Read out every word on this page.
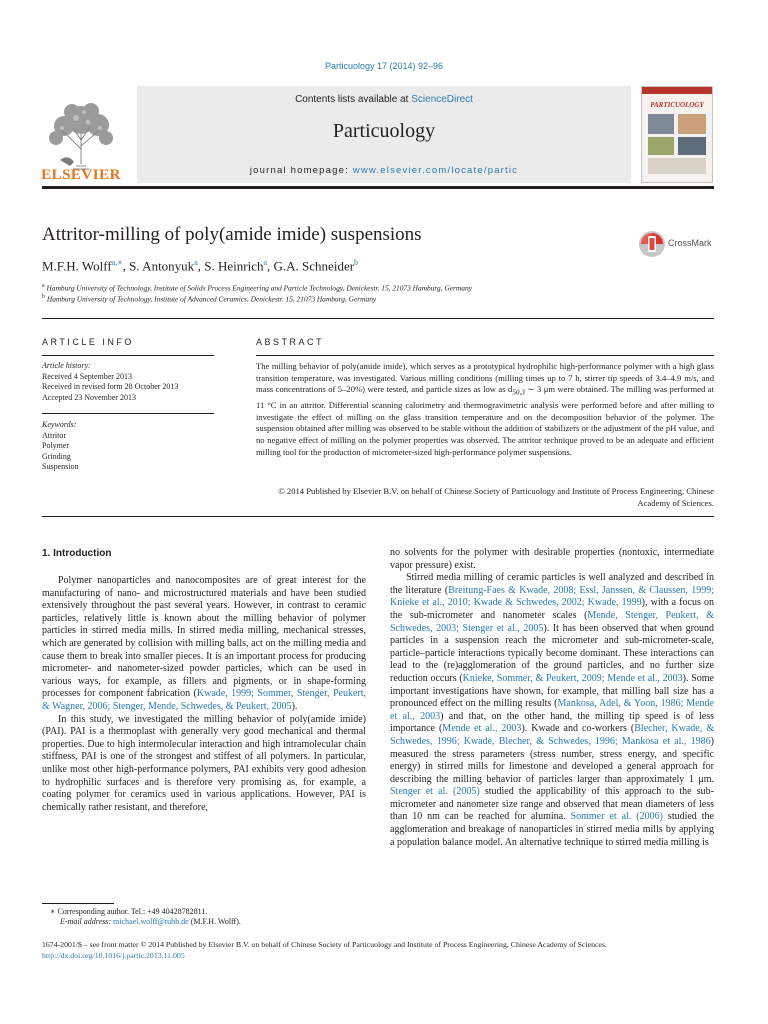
Particuology 17 (2014) 92–96
ELSEVIER
Contents lists available at ScienceDirect
Particuology
journal homepage: www.elsevier.com/locate/partic
PARTICUOLOGY
Attritor-milling of poly(amide imide) suspensions	CrossMark
M.F.H. Wolff$^{a,∗}$, S. Antonyuk$^a$, S. Heinrich$^a$, G.A. Schneider$^b$
$^a$ Hamburg University of Technology, Institute of Solids Process Engineering and Particle Technology, Denickestr. 15, 21073 Hamburg, Germany
$^b$ Hamburg University of Technology, Institute of Advanced Ceramics, Denickestr. 15, 21073 Hamburg, Germany
ARTICLE INFO	ABSTRACT
Article history:
Received 4 September 2013
Received in revised form 28 October 2013
Accepted 23 November 2013
Keywords:
Attritor
Polymer
Grinding
Suspension
The milling behavior of poly(amide imide), which serves as a prototypical hydrophilic high-performance polymer with a high glass transition temperature, was investigated. Various milling conditions (milling times up to 7 h, stirrer tip speeds of 3.4–4.9 m/s, and mass concentrations of 5–20%) were tested, and particle sizes as low as $d_{50,3}$ ∼ 3 μm were obtained. The milling was performed at 11 °C in an attritor. Differential scanning calorimetry and thermogravimetric analysis were performed before and after milling to investigate the effect of milling on the glass transition temperature and on the decomposition behavior of the polymer. The suspension obtained after milling was observed to be stable without the addition of stabilizers or the adjustment of the pH value, and no negative effect of milling on the polymer properties was observed. The attritor technique proved to be an adequate and efficient milling tool for the production of micrometer-sized high-performance polymer suspensions.
© 2014 Published by Elsevier B.V. on behalf of Chinese Society of Particuology and Institute of Process Engineering, Chinese Academy of Sciences.
1. Introduction

Polymer nanoparticles and nanocomposites are of great interest for the manufacturing of nano- and microstructured materials and have been studied extensively throughout the past several years. However, in contrast to ceramic particles, relatively little is known about the milling behavior of polymer particles in stirred media mills. In stirred media milling, mechanical stresses, which are generated by collision with milling balls, act on the milling media and cause them to break into smaller pieces. It is an important process for producing micrometer- and nanometer-sized powder particles, which can be used in various ways, for example, as fillers and pigments, or in shape-forming processes for component fabrication (Kwade, 1999; Sommer, Stenger, Peukert, & Wagner, 2006; Stenger, Mende, Schwedes, & Peukert, 2005).

In this study, we investigated the milling behavior of poly(amide imide) (PAI). PAI is a thermoplast with generally very good mechanical and thermal properties. Due to high intermolecular interaction and high intramolecular chain stiffness, PAI is one of the strongest and stiffest of all polymers. In particular, unlike most other high-performance polymers, PAI exhibits very good adhesion to hydrophilic surfaces and is therefore very promising as, for example, a coating polymer for ceramics used in various applications. However, PAI is chemically rather resistant, and therefore,

no solvents for the polymer with desirable properties (nontoxic, intermediate vapor pressure) exist.

Stirred media milling of ceramic particles is well analyzed and described in the literature (Breitung-Faes & Kwade, 2008; Essl, Janssen, & Claussen, 1999; Knieke et al., 2010; Kwade & Schwedes, 2002; Kwade, 1999), with a focus on the sub-micrometer and nanometer scales (Mende, Stenger, Peukert, & Schwedes, 2003; Stenger et al., 2005). It has been observed that when ground particles in a suspension reach the micrometer and sub-micrometer-scale, particle–particle interactions typically become dominant. These interactions can lead to the (re)agglomeration of the ground particles, and no further size reduction occurs (Knieke, Sommer, & Peukert, 2009; Mende et al., 2003). Some important investigations have shown, for example, that milling ball size has a pronounced effect on the milling results (Mankosa, Adel, & Yoon, 1986; Mende et al., 2003) and that, on the other hand, the milling tip speed is of less importance (Mende et al., 2003). Kwade and co-workers (Blecher, Kwade, & Schwedes, 1996; Kwade, Blecher, & Schwedes, 1996; Mankosa et al., 1986) measured the stress parameters (stress number, stress energy, and specific energy) in stirred mills for limestone and developed a general approach for describing the milling behavior of particles larger than approximately 1 μm. Stenger et al. (2005) studied the applicability of this approach to the sub-micrometer and nanometer size range and observed that mean diameters of less than 10 nm can be reached for alumina. Sommer et al. (2006) studied the agglomeration and breakage of nanoparticles in stirred media mills by applying a population balance model. An alternative technique to stirred media milling is

∗ Corresponding author. Tel.: +49 40428782811.
E-mail address: michael.wolff@tuhh.de (M.F.H. Wolff).
1674-2001/$ – see front matter © 2014 Published by Elsevier B.V. on behalf of Chinese Society of Particuology and Institute of Process Engineering, Chinese Academy of Sciences.
http://dx.doi.org/10.1016/j.partic.2013.11.005
